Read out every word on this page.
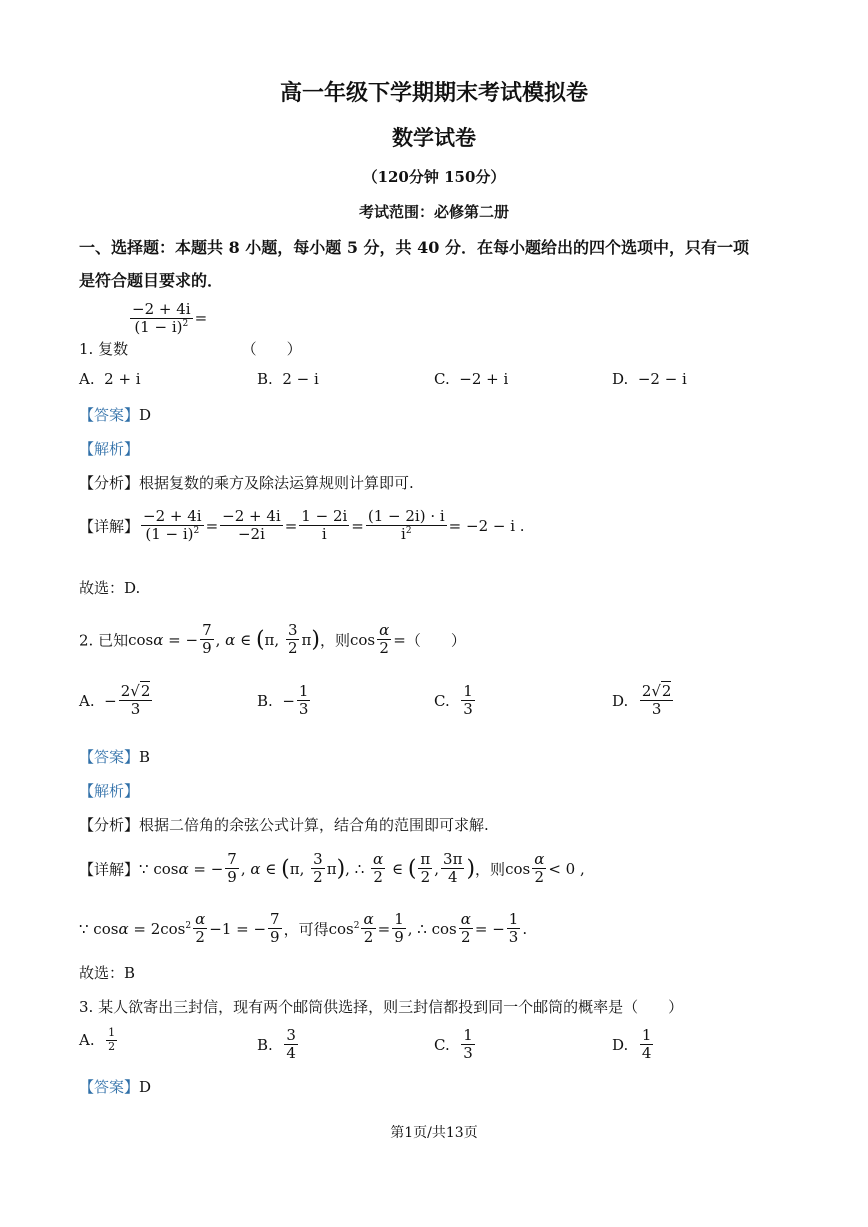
高一年级下学期期末考试模拟卷
数学试卷
（120分钟 150分）
考试范围：必修第二册
一、选择题：本题共 8 小题，每小题 5 分，共 40 分．在每小题给出的四个选项中，只有一项
是符合题目要求的．
$\frac{-2 + 4i}{(1 - i)^2}$ =
1. 复数	（　　）
A. 2 + i	B. 2 − i	C. −2 + i	D. −2 − i
【答案】D
【解析】
【分析】根据复数的乘方及除法运算规则计算即可.
【详解】 $\frac{-2 + 4i}{(1 - i)^2} = \frac{-2 + 4i}{-2i} = \frac{1 - 2i}{i} = \frac{(1 - 2i) \cdot i}{i^2} = -2 - i$ .
故选：D.
2. 已知cosα = − $\frac{7}{9}$ , α ∈ (π, $\frac{3}{2} \pi$)，则$\cos \frac{\alpha}{2}$ =（　　）
A. − $\frac{2√2}{3}$	B. − $\frac{1}{3}$	C. $\frac{1}{3}$	D. $\frac{2√2}{3}$
【答案】B
【解析】
【分析】根据二倍角的余弦公式计算，结合角的范围即可求解.
【详解】∵ cosα = − $\frac{7}{9}$ , α ∈ (π, $\frac{3}{2} \pi$), ∴ $\frac{\alpha}{2}$ ∈ ( $\frac{\pi}{2}$ , $\frac{3\pi}{4}$ )，则$\cos \frac{\alpha}{2} < 0$ ,
∵ $\cos\alpha = 2\cos^2 \frac{\alpha}{2} -1$ = − $\frac{7}{9}$ ，可得$\cos^2 \frac{\alpha}{2} = \frac{1}{9}$ , ∴ $\cos \frac{\alpha}{2}$ = − $\frac{1}{3}$ .
故选：B
3. 某人欲寄出三封信，现有两个邮筒供选择，则三封信都投到同一个邮筒的概率是（　　）
A. $\frac{1}{2}$	B. $\frac{3}{4}$	C. $\frac{1}{3}$	D. $\frac{1}{4}$
【答案】D
第1页/共13页
